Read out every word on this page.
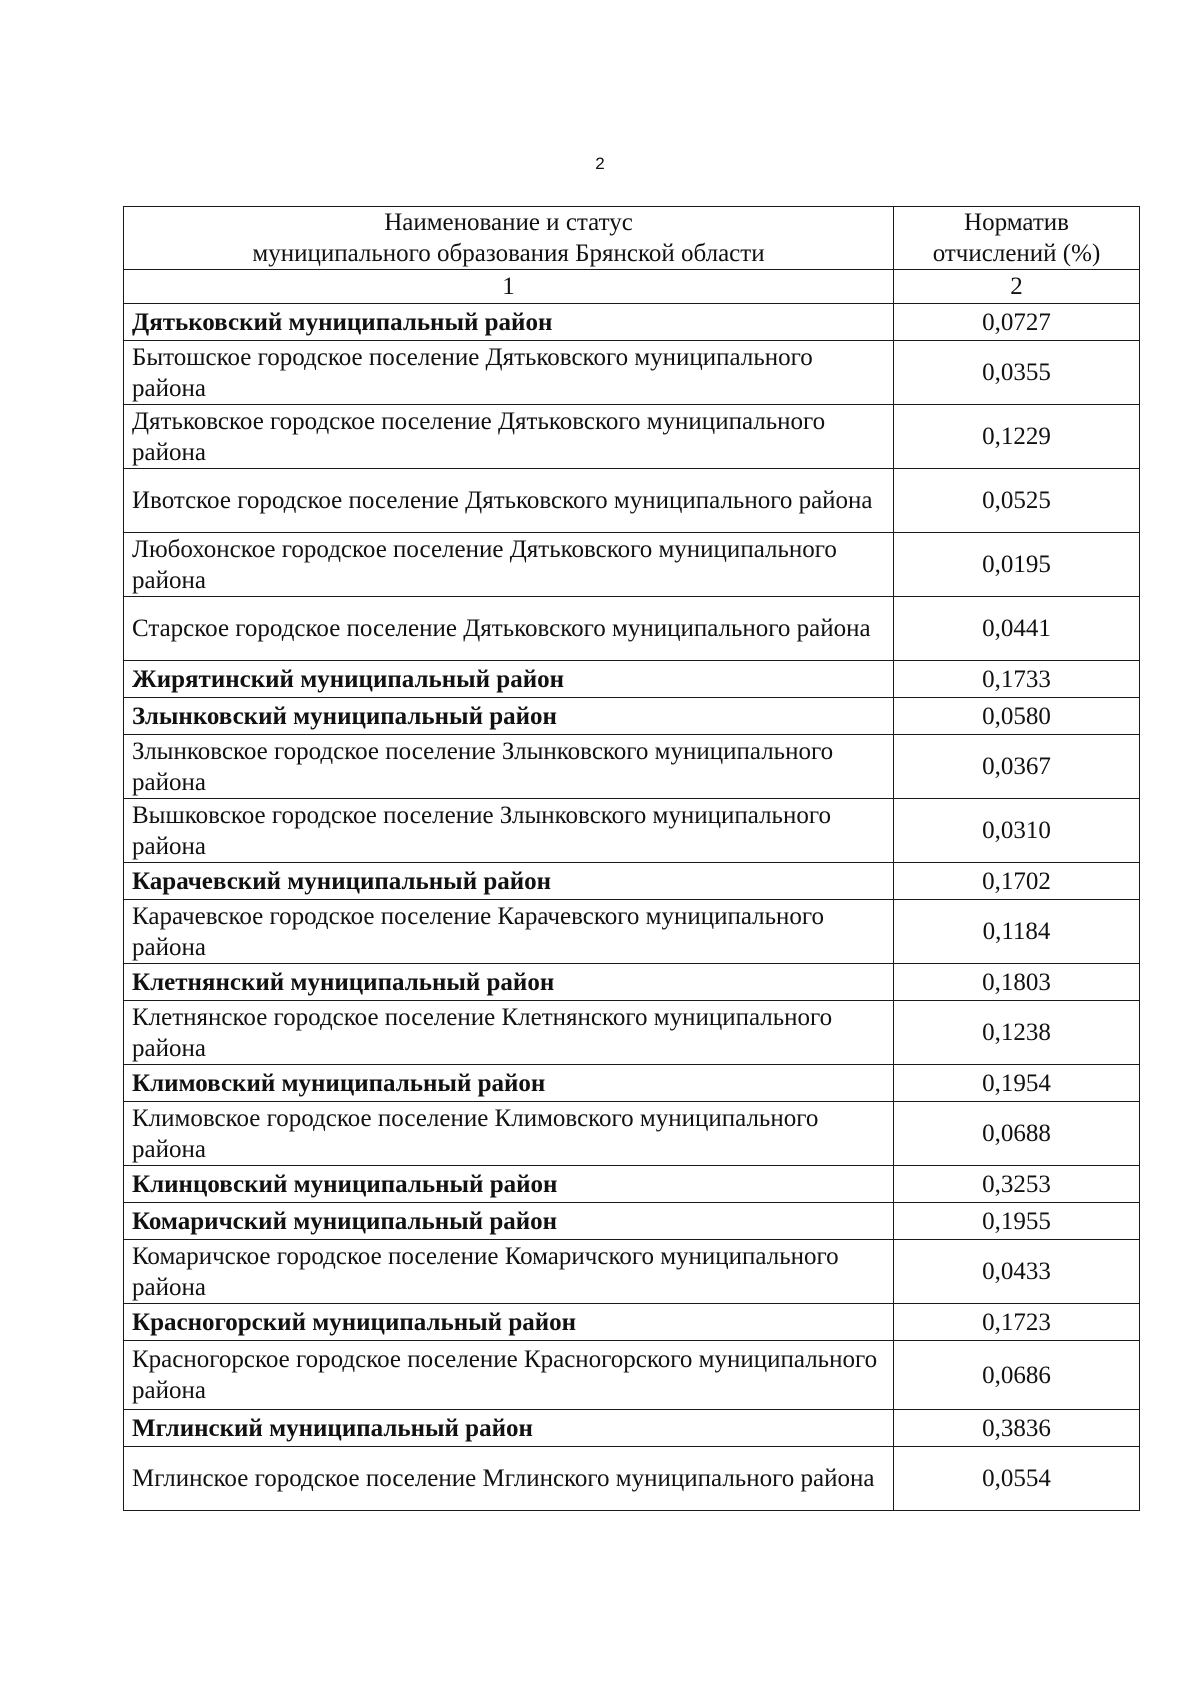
2
Наименование и статус
муниципального образования Брянской области	Норматив
отчислений (%)
1	2
Дятьковский муниципальный район	0,0727
Бытошское городское поселение Дятьковского муниципального района	0,0355
Дятьковское городское поселение Дятьковского муниципального района	0,1229
Ивотское городское поселение Дятьковского муниципального района	0,0525
Любохонское городское поселение Дятьковского муниципального района	0,0195
Старское городское поселение Дятьковского муниципального района	0,0441
Жирятинский муниципальный район	0,1733
Злынковский муниципальный район	0,0580
Злынковское городское поселение Злынковского муниципального района	0,0367
Вышковское городское поселение Злынковского муниципального района	0,0310
Карачевский муниципальный район	0,1702
Карачевское городское поселение Карачевского муниципального района	0,1184
Клетнянский муниципальный район	0,1803
Клетнянское городское поселение Клетнянского муниципального района	0,1238
Климовский муниципальный район	0,1954
Климовское городское поселение Климовского муниципального района	0,0688
Клинцовский муниципальный район	0,3253
Комаричский муниципальный район	0,1955
Комаричское городское поселение Комаричского муниципального района	0,0433
Красногорский муниципальный район	0,1723
Красногорское городское поселение Красногорского муниципального района	0,0686
Мглинский муниципальный район	0,3836
Мглинское городское поселение Мглинского муниципального района	0,0554
